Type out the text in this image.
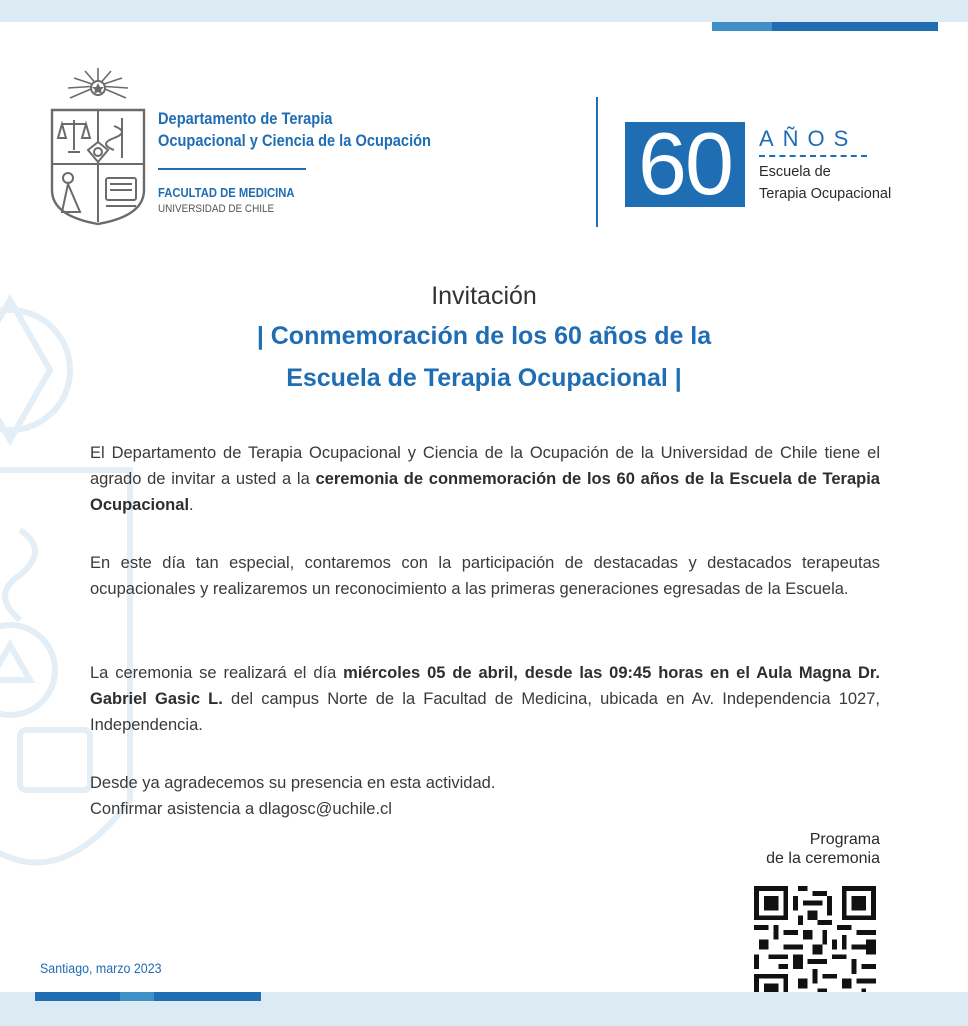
Departamento de Terapia
Ocupacional y Ciencia de la Ocupación
FACULTAD DE MEDICINA
UNIVERSIDAD DE CHILE	60	AÑOS
Escuela de
Terapia Ocupacional
Invitación
| Conmemoración de los 60 años de la
Escuela de Terapia Ocupacional |
El Departamento de Terapia Ocupacional y Ciencia de la Ocupación de la Universidad de Chile tiene el agrado de invitar a usted a la ceremonia de conmemoración de los 60 años de la Escuela de Terapia Ocupacional.
En este día tan especial, contaremos con la participación de destacadas y destacados terapeutas ocupacionales y realizaremos un reconocimiento a las primeras generaciones egresadas de la Escuela.
La ceremonia se realizará el día miércoles 05 de abril, desde las 09:45 horas en el Aula Magna Dr. Gabriel Gasic L. del campus Norte de la Facultad de Medicina, ubicada en Av. Independencia 1027, Independencia.
Desde ya agradecemos su presencia en esta actividad.
Confirmar asistencia a dlagosc@uchile.cl
Programa
de la ceremonia
Santiago, marzo 2023
